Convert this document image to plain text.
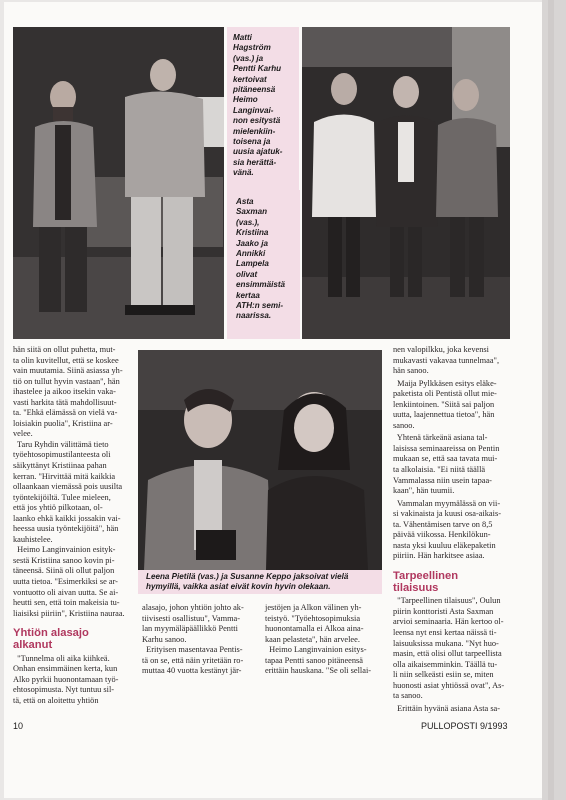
Matti
Hagström
(vas.) ja
Pentti Karhu
kertoivat
pitäneensä
Heimo
Langinvai-
non esitystä
mielenkiin-
toisena ja
uusia ajatuk-
sia herättä-
vänä.
Asta
Saxman
(vas.),
Kristiina
Jaako ja
Annikki
Lampela
olivat
ensimmäistä
kertaa
ATH:n semi-
naarissa.
Leena Pietilä (vas.) ja Susanne Keppo jaksoivat vielä
hymyillä, vaikka asiat eivät kovin hyvin olekaan.

hän siitä on ollut puhetta, mut-
ta olin kuvitellut, että se koskee
vain muutamia. Siinä asiassa yh-
tiö on tullut hyvin vastaan", hän
ihastelee ja aikoo itsekin vaka-
vasti harkita tätä mahdollisuut-
ta. "Ehkä elämässä on vielä va-
loisiakin puolia", Kristiina ar-
velee.

Taru Ryhdin välittämä tieto
työehtosopimustilanteesta oli
säikyttänyt Kristiinaa pahan
kerran. "Hirvittää mitä kaikkia
ollaankaan viemässä pois uusilta
työntekijöiltä. Tulee mieleen,
että jos yhtiö pilkotaan, ol-
laanko ehkä kaikki jossakin vai-
heessa uusia työntekijöitä", hän
kauhistelee.

Heimo Langinvainion esityk-
sestä Kristiina sanoo kovin pi-
täneensä. Siinä oli ollut paljon
uutta tietoa. "Esimerkiksi se ar-
vontuotto oli aivan uutta. Se ai-
heutti sen, että toin makeisia tu-
liaisiksi piiriin", Kristiina nauraa.

Yhtiön alasajo
alkanut

"Tunnelma oli aika kiihkeä.
Onhan ensimmäinen kerta, kun
Alko pyrkii huonontamaan työ-
ehtosopimusta. Nyt tuntuu sil-
tä, että on aloitettu yhtiön

alasajo, johon yhtiön johto ak-
tiivisesti osallistuu", Vamma-
lan myymäläpäällikkö Pentti
Karhu sanoo.

Erityisen masentavaa Pentis-
tä on se, että näin yritetään ro-
muttaa 40 vuotta kestänyt jär-

jestöjen ja Alkon välinen yh-
teistyö. "Työehtosopimuksia
huonontamalla ei Alkoa aina-
kaan pelasteta", hän arvelee.

Heimo Langinvainion esitys-
tapaa Pentti sanoo pitäneensä
erittäin hauskana. "Se oli sellai-

nen valopilkku, joka kevensi
mukavasti vakavaa tunnelmaa",
hän sanoo.

Maija Pylkkäsen esitys eläke-
paketista oli Pentistä ollut mie-
lenkiintoinen. "Siitä sai paljon
uutta, laajennettua tietoa", hän
sanoo.

Yhtenä tärkeänä asiana tal-
laisissa seminaareissa on Pentin
mukaan se, että saa tavata mui-
ta alkolaisia. "Ei niitä täällä
Vammalassa niin usein tapaa-
kaan", hän tuumii.

Vammalan myymälässä on vii-
si vakinaista ja kuusi osa-aikais-
ta. Vähentämisen tarve on 8,5
päivää viikossa. Henkilökun-
nasta yksi kuuluu eläkepaketin
piiriin. Hän harkitsee asiaa.

Tarpeellinen
tilaisuus

"Tarpeellinen tilaisuus", Oulun
piirin konttoristi Asta Saxman
arvioi seminaaria. Hän kertoo ol-
leensa nyt ensi kertaa näissä ti-
laisuuksissa mukana. "Nyt huo-
masin, että olisi ollut tarpeellista
olla aikaisemminkin. Täällä tu-
li niin selkeästi esiin se, miten
huonosti asiat yhtiössä ovat", As-
ta sanoo.

Erittäin hyvänä asiana Asta sa-

10	PULLOPOSTI 9/1993
